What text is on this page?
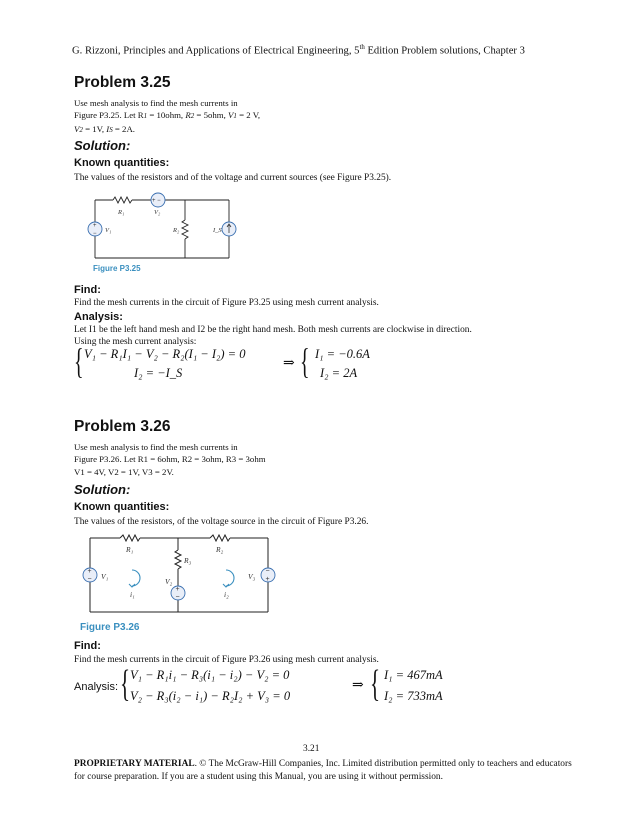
G. Rizzoni, Principles and Applications of Electrical Engineering, 5th Edition Problem solutions, Chapter 3
Problem 3.25
Use mesh analysis to find the mesh currents in
Figure P3.25. Let R1 = 10ohm, R2 = 5ohm, V1 = 2 V,
V2 = 1V, IS = 2A.
Solution:
Known quantities:
The values of the resistors and of the voltage and current sources (see Figure P3.25).
+
−
+ −
R₁	V₂
R₂
V₁	I_S
Figure P3.25
Find:
Find the mesh currents in the circuit of Figure P3.25 using mesh current analysis.
Analysis:
Let I1 be the left hand mesh and I2 be the right hand mesh. Both mesh currents are clockwise in direction.
Using the mesh current analysis:
{ V₁ − R₁I₁ − V₂ − R₂(I₁ − I₂) = 0
I₂ = −I_S
⇒ { I₁ = −0.6A
I₂ = 2A
Problem 3.26
Use mesh analysis to find the mesh currents in
Figure P3.26. Let R1 = 6ohm, R2 = 3ohm, R3 = 3ohm
V1 = 4V, V2 = 1V, V3 = 2V.
Solution:
Known quantities:
The values of the resistors, of the voltage source in the circuit of Figure P3.26.
+
−
+
−
−
+
R₁	R₂
R₃
V₁
V₂
V₃
i₁	i₂
Figure P3.26
Find:
Find the mesh currents in the circuit of Figure P3.26 using mesh current analysis.
Analysis: { V₁ − R₁i₁ − R₃(i₁ − i₂) − V₂ = 0
V₂ − R₃(i₂ − i₁) − R₂I₂ + V₃ = 0
⇒ { I₁ = 467mA
I₂ = 733mA
3.21
PROPRIETARY MATERIAL. © The McGraw-Hill Companies, Inc. Limited distribution permitted only to teachers and educators for course preparation. If you are a student using this Manual, you are using it without permission.
